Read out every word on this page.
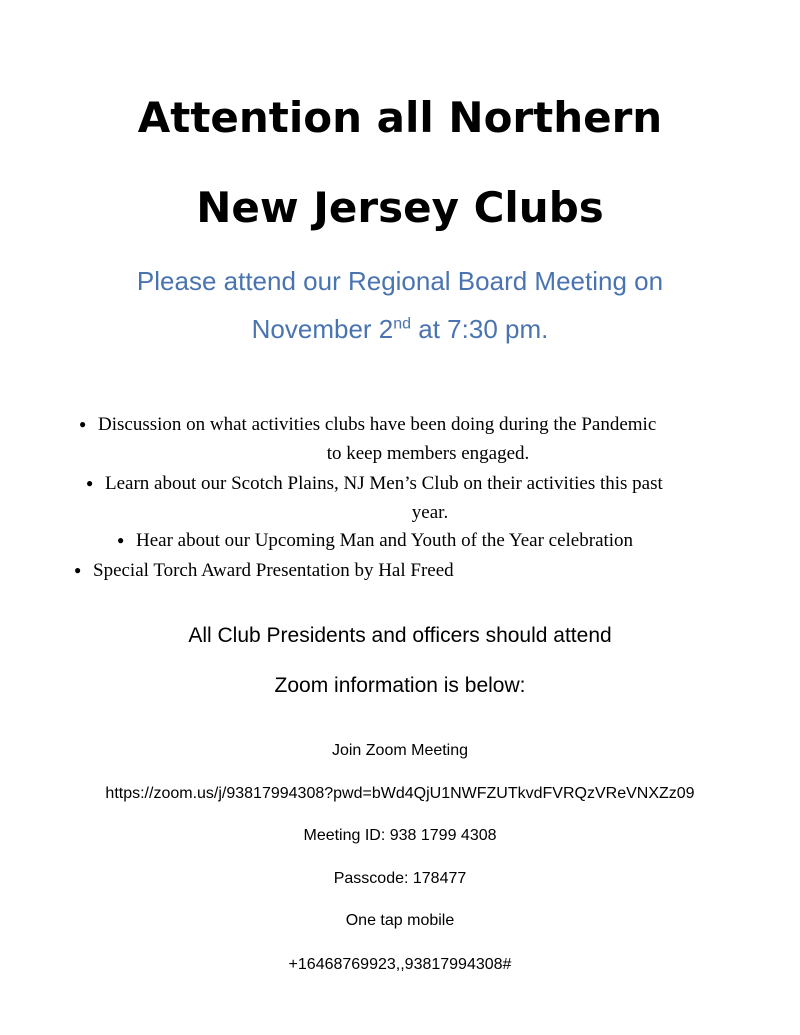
Attention all Northern
New Jersey Clubs
Please attend our Regional Board Meeting on
November 2nd at 7:30 pm.
● Discussion on what activities clubs have been doing during the Pandemic
to keep members engaged.
● Learn about our Scotch Plains, NJ Men’s Club on their activities this past
year.
● Hear about our Upcoming Man and Youth of the Year celebration
● Special Torch Award Presentation by Hal Freed
All Club Presidents and officers should attend
Zoom information is below:
Join Zoom Meeting
https://zoom.us/j/93817994308?pwd=bWd4QjU1NWFZUTkvdFVRQzVReVNXZz09
Meeting ID: 938 1799 4308
Passcode: 178477
One tap mobile
+16468769923,,93817994308#
